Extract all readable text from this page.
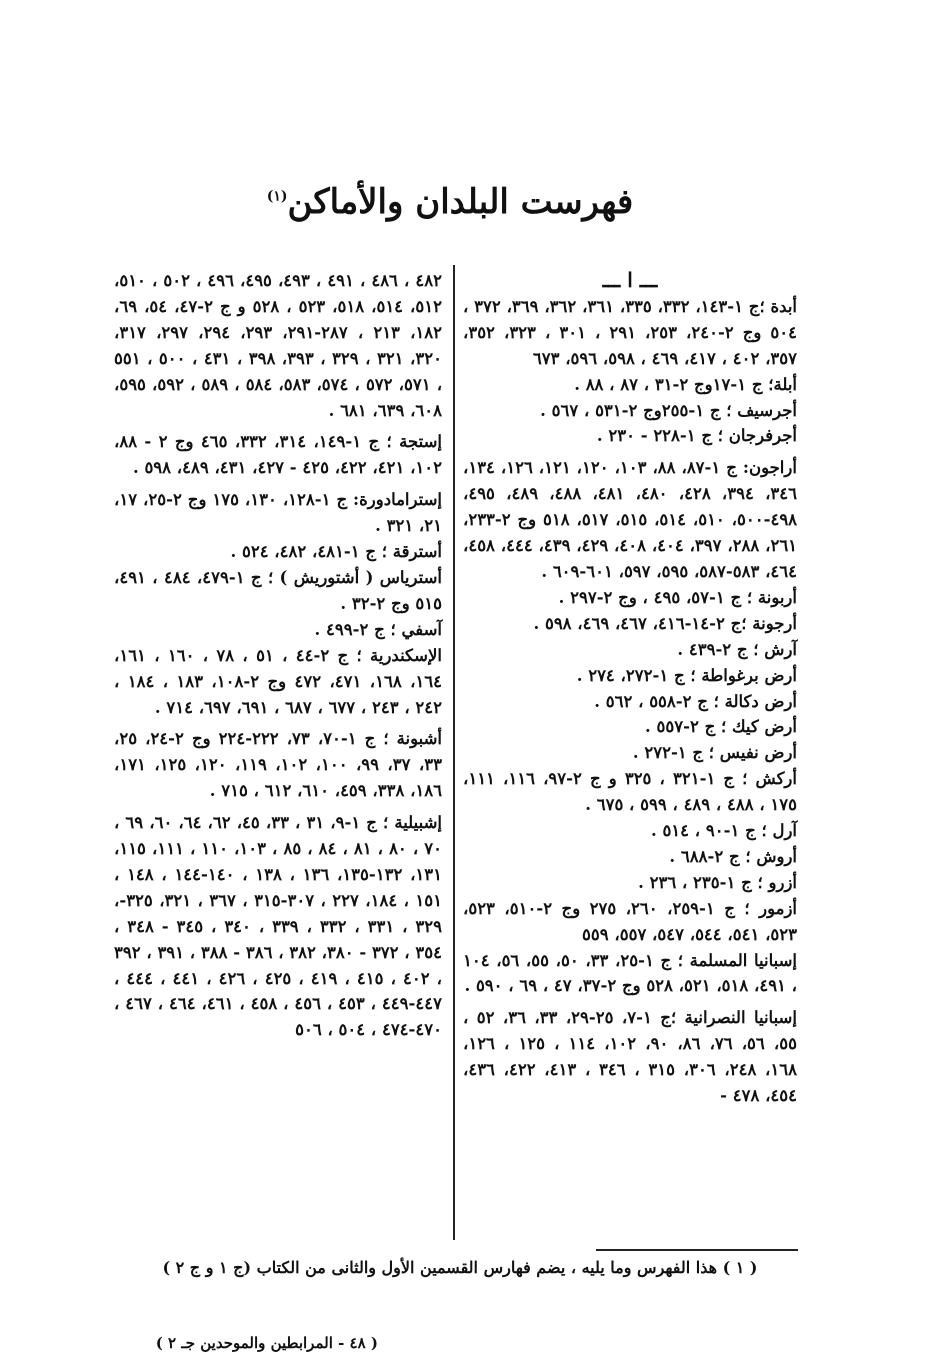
فهرست البلدان والأماكن$^{(١)}$
ـــ ا ـــ

أبدة ؛ج ١-١٤٣، ٣٣٢، ٣٣٥، ٣٦١، ٣٦٢، ٣٦٩، ٣٧٢ ، ٥٠٤ وج ٢-٢٤٠، ٢٥٣، ٢٩١ ، ٣٠١ ، ٣٢٣، ٣٥٢، ٣٥٧، ٤٠٢ ، ٤١٧، ٤٦٩ ، ٥٩٨، ٥٩٦، ٦٧٣

أبلة؛ ج ١-١٧وج ٢-٣١ ، ٨٧ ، ٨٨ .

أجرسيف ؛ ج ١-٢٥٥وج ٢-٥٣١ ، ٥٦٧ .

أجرفرجان ؛ ج ١-٢٢٨ - ٢٣٠ .

أراجون: ج ١-٨٧، ٨٨، ١٠٣، ١٢٠، ١٢١، ١٢٦، ١٣٤، ٣٤٦، ٣٩٤، ٤٢٨، ٤٨٠، ٤٨١، ٤٨٨، ٤٨٩، ٤٩٥، ٤٩٨-٥٠٠، ٥١٠، ٥١٤، ٥١٥، ٥١٧، ٥١٨ وج ٢-٢٣٣، ٢٦١، ٢٨٨، ٣٩٧، ٤٠٤، ٤٠٨، ٤٢٩، ٤٣٩، ٤٤٤، ٤٥٨، ٤٦٤، ٥٨٣-٥٨٧، ٥٩٥، ٥٩٧، ٦٠١-٦٠٩ .

أربونة ؛ ج ١-٥٧، ٤٩٥ ، وج ٢-٢٩٧ .

أرجونة ؛ج ٢-١٤-٤١٦، ٤٦٧، ٤٦٩، ٥٩٨ .

آرش ؛ ج ٢-٤٣٩ .

أرض برغواطة ؛ ج ١-٢٧٢، ٢٧٤ .

أرض دكالة ؛ ج ٢-٥٥٨ ، ٥٦٢ .

أرض كيك ؛ ج ٢-٥٥٧ .

أرض نفيس ؛ ج ١-٢٧٢ .

أركش ؛ ج ١-٣٢١ ، ٣٢٥ و ج ٢-٩٧، ١١٦، ١١١، ١٧٥ ، ٤٨٨ ، ٤٨٩ ، ٥٩٩ ، ٦٧٥ .

آرل ؛ ج ١-٩٠ ، ٥١٤ .

أروش ؛ ج ٢-٦٨٨ .

أزرو ؛ ج ١-٢٣٥ ، ٢٣٦ .

أزمور ؛ ج ١-٢٥٩، ٢٦٠، ٢٧٥ وج ٢-٥١٠، ٥٢٣، ٥٢٣، ٥٤١، ٥٤٤، ٥٤٧، ٥٥٧، ٥٥٩

إسبانيا المسلمة ؛ ج ١-٢٥، ٣٣، ٥٠، ٥٥، ٥٦، ١٠٤ ، ٤٩١، ٥١٨، ٥٢١، ٥٢٨ وج ٢-٣٧، ٤٧ ، ٦٩ ، ٥٩٠ .

إسبانيا النصرانية ؛ج ١-٧، ٢٥-٢٩، ٣٣، ٣٦، ٥٢ ، ٥٥، ٥٦، ٧٦، ٨٦، ٩٠، ١٠٢، ١١٤ ، ١٢٥ ، ١٢٦، ١٦٨، ٢٤٨، ٣٠٦، ٣١٥ ، ٣٤٦ ، ٤١٣، ٤٢٢، ٤٣٦، ٤٥٤، ٤٧٨ -

٤٨٢ ، ٤٨٦ ، ٤٩١ ، ٤٩٣، ٤٩٥، ٤٩٦ ، ٥٠٢ ، ٥١٠، ٥١٢، ٥١٤، ٥١٨، ٥٢٣ ، ٥٢٨ و ج ٢-٤٧، ٥٤، ٦٩، ١٨٢، ٢١٣ ، ٢٨٧-٢٩١، ٢٩٣، ٢٩٤، ٢٩٧، ٣١٧، ٣٢٠، ٣٢١ ، ٣٢٩ ، ٣٩٣، ٣٩٨ ، ٤٣١ ، ٥٠٠ ، ٥٥١ ، ٥٧١، ٥٧٢ ، ٥٧٤، ٥٨٣، ٥٨٤ ، ٥٨٩ ، ٥٩٢، ٥٩٥، ٦٠٨، ٦٣٩، ٦٨١ .

إستجة ؛ ج ١-١٤٩، ٣١٤، ٣٣٢، ٤٦٥ وج ٢ - ٨٨، ١٠٢، ٤٢١، ٤٢٢، ٤٢٥ - ٤٢٧، ٤٣١، ٤٨٩، ٥٩٨ .

إسترامادورة: ج ١-١٢٨، ١٣٠، ١٧٥ وج ٢-٢٥، ١٧، ٢١، ٣٢١ .

أسترقة ؛ ج ١-٤٨١، ٤٨٢، ٥٢٤ .

أسترياس ( أشتوريش ) ؛ ج ١-٤٧٩، ٤٨٤ ، ٤٩١، ٥١٥ وج ٢-٣٢ .

آسفي ؛ ج ٢-٤٩٩ .

الإسكندرية ؛ ج ٢-٤٤ ، ٥١ ، ٧٨ ، ١٦٠ ، ١٦١، ١٦٤، ١٦٨، ٤٧١، ٤٧٢ وج ٢-١٠٨، ١٨٣ ، ١٨٤ ، ٢٤٢ ، ٢٤٣ ، ٦٧٧ ، ٦٨٧ ، ٦٩١، ٦٩٧، ٧١٤ .

أشبونة ؛ ج ١-٧٠، ٧٣، ٢٢٢-٢٢٤ وج ٢-٢٤، ٢٥، ٣٣، ٣٧، ٩٩، ١٠٠، ١٠٢، ١١٩، ١٢٠، ١٢٥، ١٧١، ١٨٦، ٣٣٨، ٤٥٩، ٦١٠، ٦١٢ ، ٧١٥ .

إشبيلية ؛ ج ١-٩، ٣١ ، ٣٣، ٤٥، ٦٢، ٦٤، ٦٠، ٦٩ ، ٧٠ ، ٨٠ ، ٨١ ، ٨٤ ، ٨٥ ، ١٠٣، ١١٠ ، ١١١، ١١٥، ١٣١، ١٣٢-١٣٥، ١٣٦ ، ١٣٨ ، ١٤٠-١٤٤ ، ١٤٨ ، ١٥١ ، ١٨٤، ٢٢٧ ، ٣٠٧-٣١٥ ، ٣٦٧ ، ٣٢١، ٣٢٥-، ٣٢٩ ، ٣٣١ ، ٣٣٢ ، ٣٣٩ ، ٣٤٠ ، ٣٤٥ - ٣٤٨ ، ٣٥٤ ، ٣٧٢ - ٣٨٠، ٣٨٢ ، ٣٨٦ - ٣٨٨ ، ٣٩١ ، ٣٩٢ ، ٤٠٢ ، ٤١٥ ، ٤١٩ ، ٤٢٥ ، ٤٢٦ ، ٤٤١ ، ٤٤٤ ، ٤٤٧-٤٤٩ ، ٤٥٣ ، ٤٥٦ ، ٤٥٨ ، ٤٦١، ٤٦٤ ، ٤٦٧ ، ٤٧٠-٤٧٤ ، ٥٠٤ ، ٥٠٦

( ١ ) هذا الفهرس وما يليه ، يضم فهارس القسمين الأول والثانى من الكتاب (ج ١ و ج ٢ )
( ٤٨ - المرابطين والموحدين جـ ٢ )
